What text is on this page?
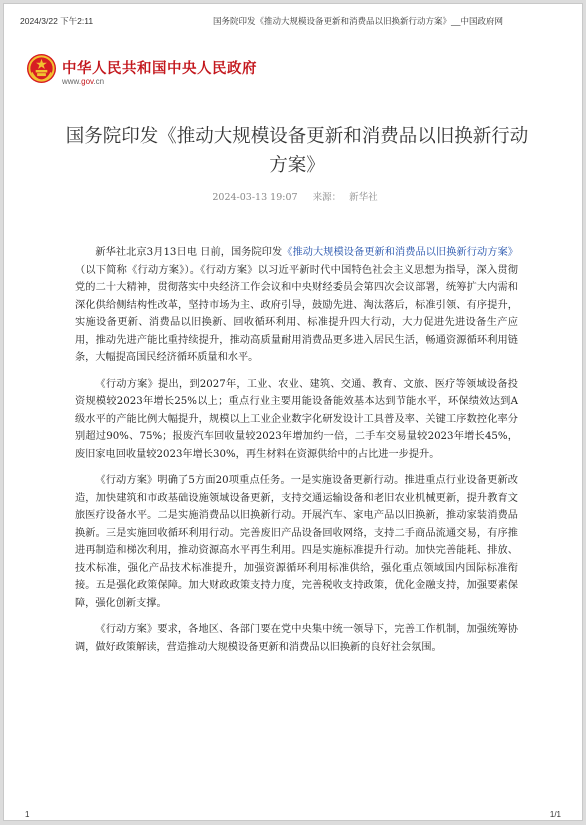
2024/3/22 下午2:11	国务院印发《推动大规模设备更新和消费品以旧换新行动方案》__中国政府网
中华人民共和国中央人民政府
www.gov.cn
国务院印发《推动大规模设备更新和消费品以旧换新行动方案》
2024-03-13 19:07 来源： 新华社

新华社北京3月13日电 日前，国务院印发《推动大规模设备更新和消费品以旧换新行动方案》（以下简称《行动方案》）。《行动方案》以习近平新时代中国特色社会主义思想为指导，深入贯彻党的二十大精神，贯彻落实中央经济工作会议和中央财经委员会第四次会议部署，统筹扩大内需和深化供给侧结构性改革，坚持市场为主、政府引导，鼓励先进、淘汰落后，标准引领、有序提升，实施设备更新、消费品以旧换新、回收循环利用、标准提升四大行动，大力促进先进设备生产应用，推动先进产能比重持续提升，推动高质量耐用消费品更多进入居民生活，畅通资源循环利用链条，大幅提高国民经济循环质量和水平。

《行动方案》提出，到2027年，工业、农业、建筑、交通、教育、文旅、医疗等领域设备投资规模较2023年增长25%以上；重点行业主要用能设备能效基本达到节能水平，环保绩效达到A级水平的产能比例大幅提升，规模以上工业企业数字化研发设计工具普及率、关键工序数控化率分别超过90%、75%；报废汽车回收量较2023年增加约一倍，二手车交易量较2023年增长45%，废旧家电回收量较2023年增长30%，再生材料在资源供给中的占比进一步提升。

《行动方案》明确了5方面20项重点任务。一是实施设备更新行动。推进重点行业设备更新改造，加快建筑和市政基础设施领域设备更新，支持交通运输设备和老旧农业机械更新，提升教育文旅医疗设备水平。二是实施消费品以旧换新行动。开展汽车、家电产品以旧换新，推动家装消费品换新。三是实施回收循环利用行动。完善废旧产品设备回收网络，支持二手商品流通交易，有序推进再制造和梯次利用，推动资源高水平再生利用。四是实施标准提升行动。加快完善能耗、排放、技术标准，强化产品技术标准提升，加强资源循环利用标准供给，强化重点领域国内国际标准衔接。五是强化政策保障。加大财政政策支持力度，完善税收支持政策，优化金融支持，加强要素保障，强化创新支撑。

《行动方案》要求，各地区、各部门要在党中央集中统一领导下，完善工作机制，加强统筹协调，做好政策解读，营造推动大规模设备更新和消费品以旧换新的良好社会氛围。

1	1/1
